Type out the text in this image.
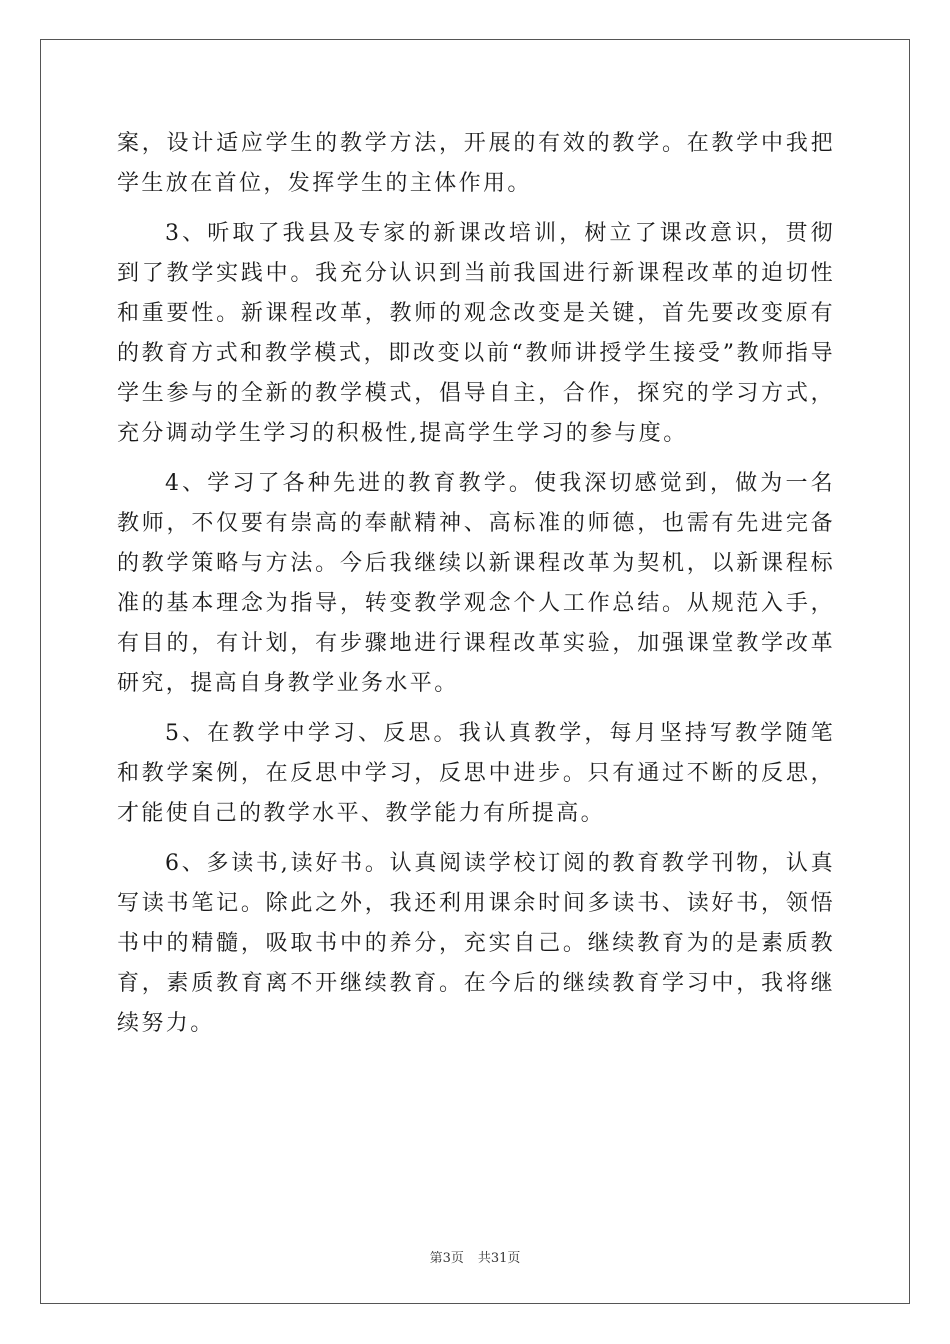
案，设计适应学生的教学方法，开展的有效的教学。在教学中我把学生放在首位，发挥学生的主体作用。

3、听取了我县及专家的新课改培训，树立了课改意识，贯彻到了教学实践中。我充分认识到当前我国进行新课程改革的迫切性和重要性。新课程改革，教师的观念改变是关键，首先要改变原有的教育方式和教学模式，即改变以前“教师讲授学生接受”教师指导学生参与的全新的教学模式，倡导自主，合作，探究的学习方式，充分调动学生学习的积极性,提高学生学习的参与度。

4、学习了各种先进的教育教学。使我深切感觉到，做为一名教师，不仅要有崇高的奉献精神、高标准的师德，也需有先进完备的教学策略与方法。今后我继续以新课程改革为契机，以新课程标准的基本理念为指导，转变教学观念个人工作总结。从规范入手，有目的，有计划，有步骤地进行课程改革实验，加强课堂教学改革研究，提高自身教学业务水平。

5、在教学中学习、反思。我认真教学，每月坚持写教学随笔和教学案例，在反思中学习，反思中进步。只有通过不断的反思，才能使自己的教学水平、教学能力有所提高。

6、多读书,读好书。认真阅读学校订阅的教育教学刊物，认真写读书笔记。除此之外，我还利用课余时间多读书、读好书，领悟书中的精髓，吸取书中的养分，充实自己。继续教育为的是素质教育，素质教育离不开继续教育。在今后的继续教育学习中，我将继续努力。

第3页 共31页
